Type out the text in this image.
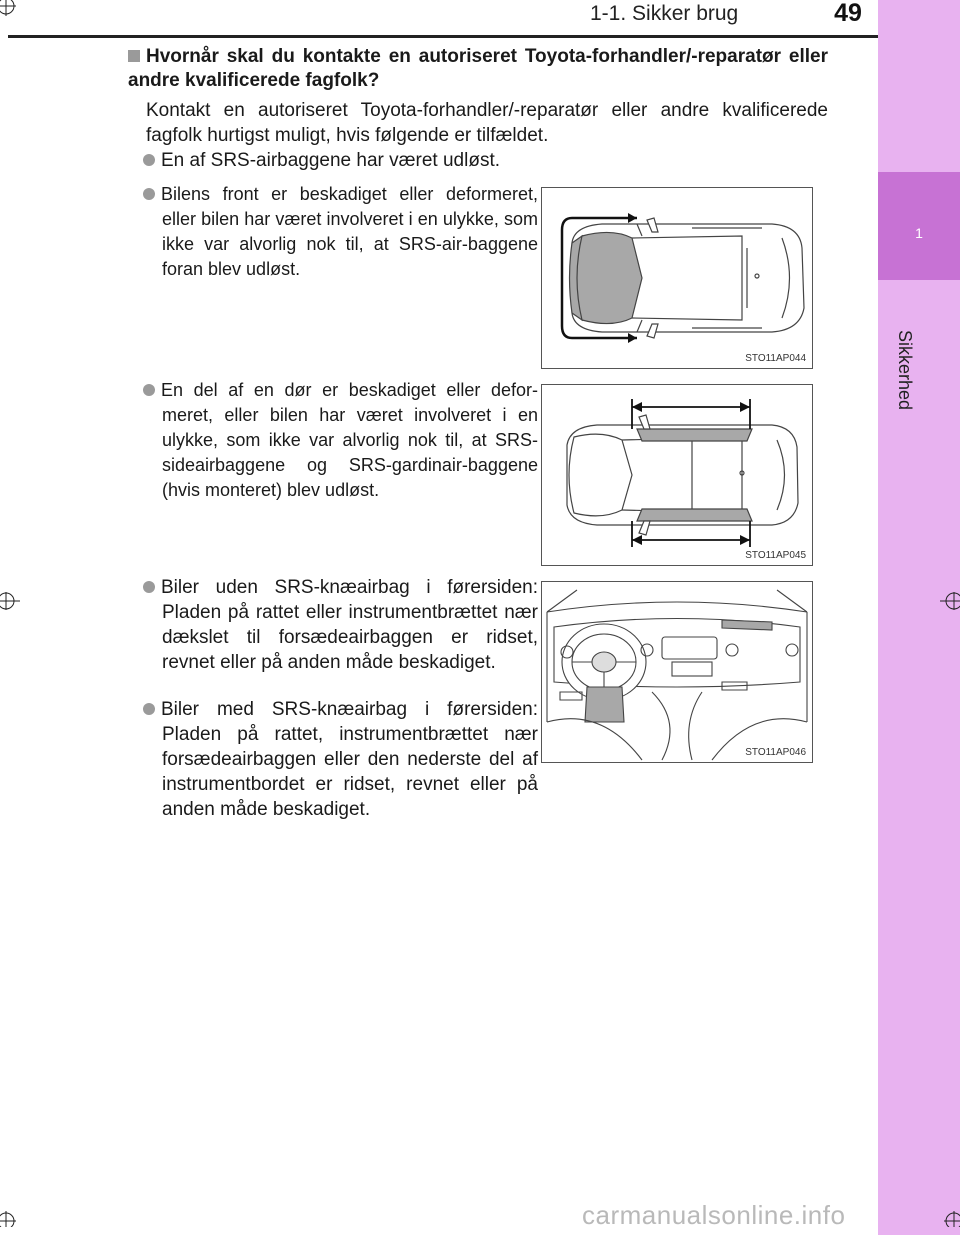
1-1. Sikker brug	49
1
Sikkerhed
Hvornår skal du kontakte en autoriseret Toyota-forhandler/-reparatør eller andre kvalificerede fagfolk?
Kontakt en autoriseret Toyota-forhandler/-reparatør eller andre kvalificerede fagfolk hurtigst muligt, hvis følgende er tilfældet.
En af SRS-airbaggene har været udløst.
Bilens front er beskadiget eller deformeret, eller bilen har været involveret i en ulykke, som ikke var alvorlig nok til, at SRS-air-baggene foran blev udløst.
STO11AP044
En del af en dør er beskadiget eller defor-meret, eller bilen har været involveret i en ulykke, som ikke var alvorlig nok til, at SRS-sideairbaggene og SRS-gardinair-baggene (hvis monteret) blev udløst.
STO11AP045
Biler uden SRS-knæairbag i førersiden: Pladen på rattet eller instrumentbrættet nær dækslet til forsædeairbaggen er ridset, revnet eller på anden måde beskadiget.
Biler med SRS-knæairbag i førersiden: Pladen på rattet, instrumentbrættet nær forsædeairbaggen eller den nederste del af instrumentbordet er ridset, revnet eller på anden måde beskadiget.
STO11AP046
carmanualsonline.info
